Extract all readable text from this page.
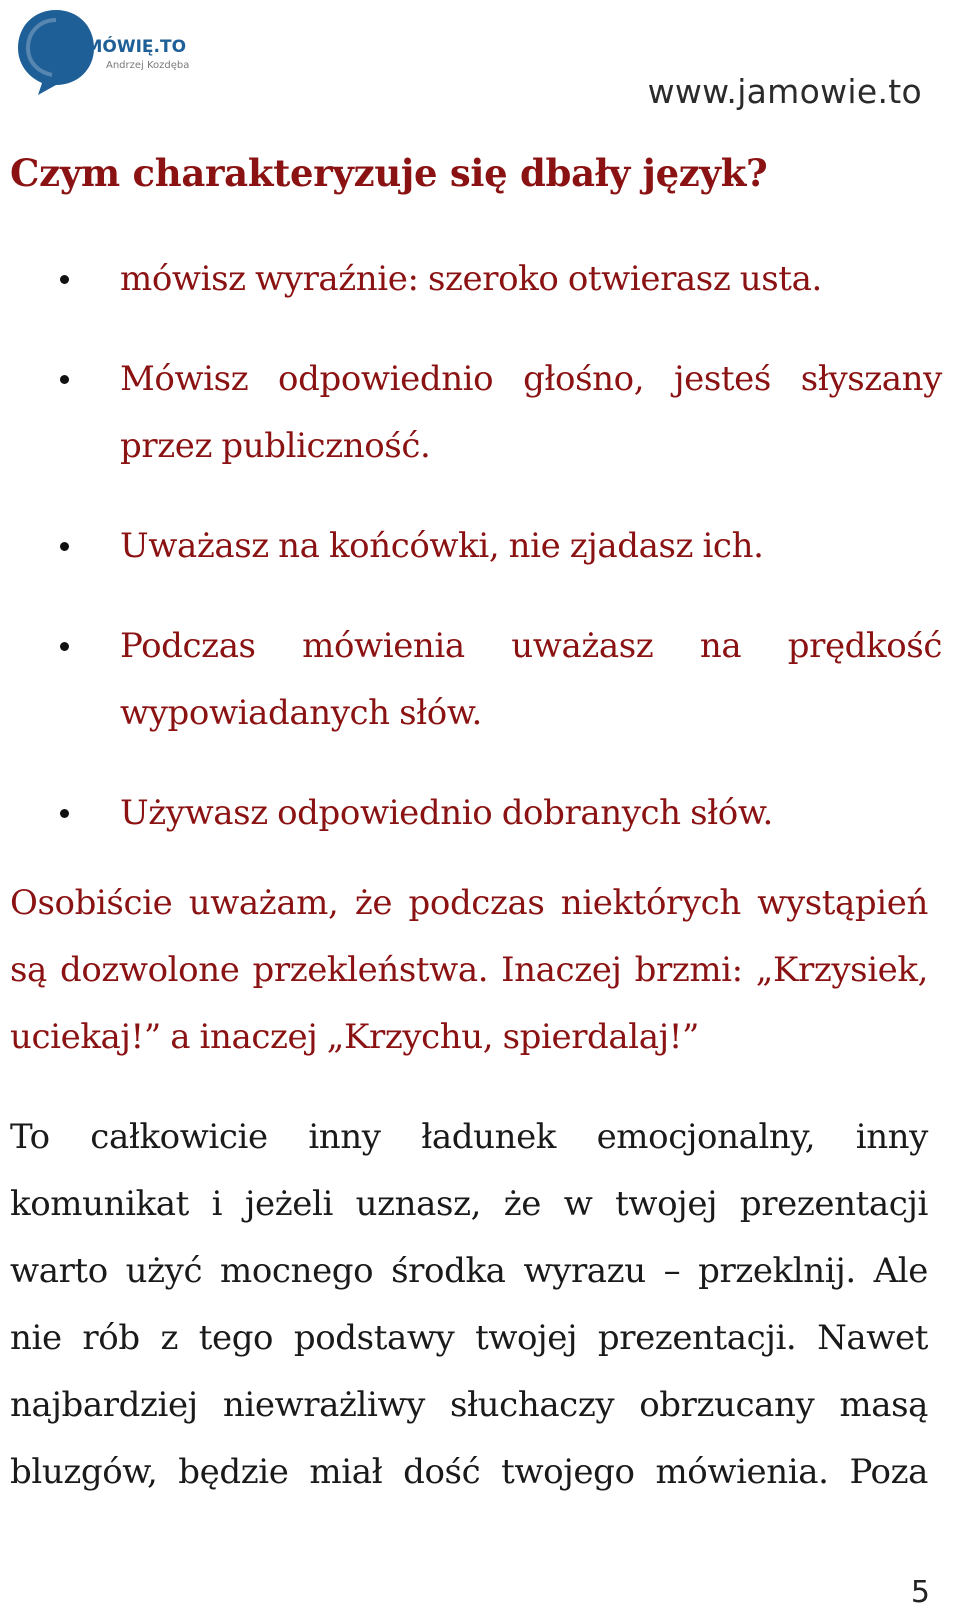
JAMÓWIĘ.TO
Andrzej Kozdęba
www.jamowie.to
Czym charakteryzuje się dbały język?
mówisz wyraźnie: szeroko otwierasz usta.
Mówisz odpowiednio głośno, jesteś słyszany przez publiczność.
Uważasz na końcówki, nie zjadasz ich.
Podczas mówienia uważasz na prędkość wypowiadanych słów.
Używasz odpowiednio dobranych słów.

Osobiście uważam, że podczas niektórych wystąpień są dozwolone przekleństwa. Inaczej brzmi: „Krzysiek, uciekaj!” a inaczej „Krzychu, spierdalaj!”

To całkowicie inny ładunek emocjonalny, inny komunikat i jeżeli uznasz, że w twojej prezentacji warto użyć mocnego środka wyrazu – przeklnij. Ale nie rób z tego podstawy twojej prezentacji. Nawet najbardziej niewrażliwy słuchaczy obrzucany masą bluzgów, będzie miał dość twojego mówienia. Poza

5
